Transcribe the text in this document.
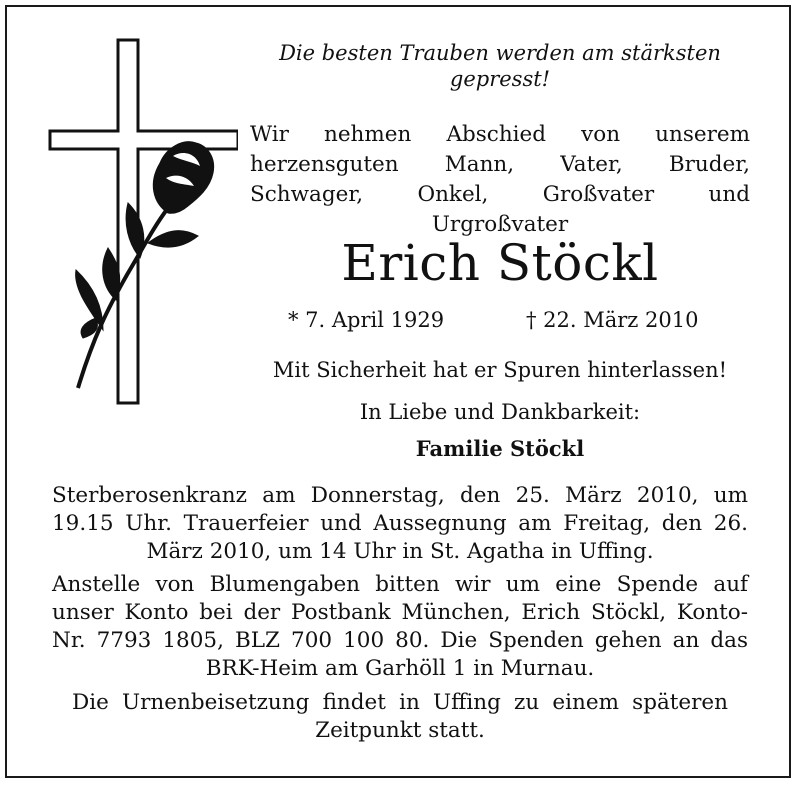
Die besten Trauben werden am stärksten gepresst!
Wir nehmen Abschied von unserem herzensguten Mann, Vater, Bruder, Schwager, Onkel, Großvater und Urgroßvater
Erich Stöckl
* 7. April 1929	† 22. März 2010
Mit Sicherheit hat er Spuren hinterlassen!
In Liebe und Dankbarkeit:
Familie Stöckl
Sterberosenkranz am Donnerstag, den 25. März 2010, um 19.15 Uhr. Trauerfeier und Aussegnung am Freitag, den 26. März 2010, um 14 Uhr in St. Agatha in Uffing.
Anstelle von Blumengaben bitten wir um eine Spende auf unser Konto bei der Postbank München, Erich Stöckl, Konto-Nr. 7793 1805, BLZ 700 100 80. Die Spenden gehen an das BRK-Heim am Garhöll 1 in Murnau.
Die Urnenbeisetzung findet in Uffing zu einem späteren Zeitpunkt statt.
